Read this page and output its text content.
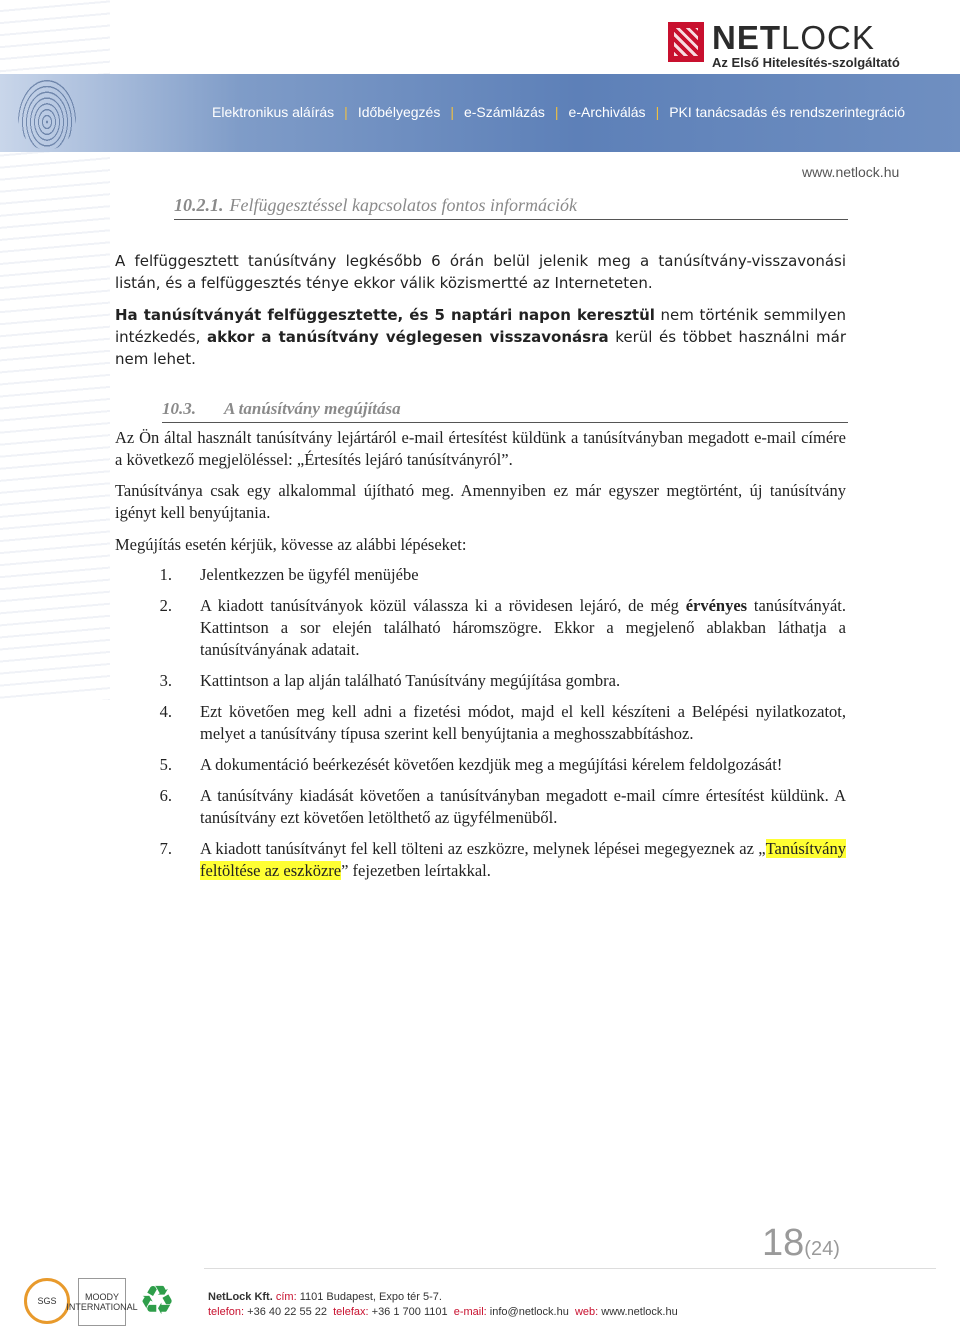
NETLOCK
Az Első Hitelesítés-szolgáltató
Elektronikus aláírás | Időbélyegzés | e-Számlázás | e-Archiválás | PKI tanácsadás és rendszerintegráció
www.netlock.hu
10.2.1. Felfüggesztéssel kapcsolatos fontos információk
A felfüggesztett tanúsítvány legkésőbb 6 órán belül jelenik meg a tanúsítvány-visszavonási listán, és a felfüggesztés ténye ekkor válik közismertté az Interneteten.
Ha tanúsítványát felfüggesztette, és 5 naptári napon keresztül nem történik semmilyen intézkedés, akkor a tanúsítvány véglegesen visszavonásra kerül és többet használni már nem lehet.
10.3. A tanúsítvány megújítása
Az Ön által használt tanúsítvány lejártáról e-mail értesítést küldünk a tanúsítványban megadott e-mail címére a következő megjelöléssel: „Értesítés lejáró tanúsítványról”.
Tanúsítványa csak egy alkalommal újítható meg. Amennyiben ez már egyszer megtörtént, új tanúsítvány igényt kell benyújtania.
Megújítás esetén kérjük, kövesse az alábbi lépéseket:
1.	Jelentkezzen be ügyfél menüjébe
2.	A kiadott tanúsítványok közül válassza ki a rövidesen lejáró, de még érvényes tanúsítványát. Kattintson a sor elején található háromszögre. Ekkor a megjelenő ablakban láthatja a tanúsítványának adatait.
3.	Kattintson a lap alján található Tanúsítvány megújítása gombra.
4.	Ezt követően meg kell adni a fizetési módot, majd el kell készíteni a Belépési nyilatkozatot, melyet a tanúsítvány típusa szerint kell benyújtania a meghosszabbításhoz.
5.	A dokumentáció beérkezését követően kezdjük meg a megújítási kérelem feldolgozását!
6.	A tanúsítvány kiadását követően a tanúsítványban megadott e-mail címre értesítést küldünk. A tanúsítvány ezt követően letölthető az ügyfélmenüből.
7.	A kiadott tanúsítványt fel kell tölteni az eszközre, melynek lépései megegyeznek az „Tanúsítvány feltöltése az eszközre” fejezetben leírtakkal.
18(24)
SGS	MOODY INTERNATIONAL ♻	NetLock Kft. cím: 1101 Budapest, Expo tér 5-7.
telefon: +36 40 22 55 22 telefax: +36 1 700 1101 e-mail: info@netlock.hu web: www.netlock.hu
